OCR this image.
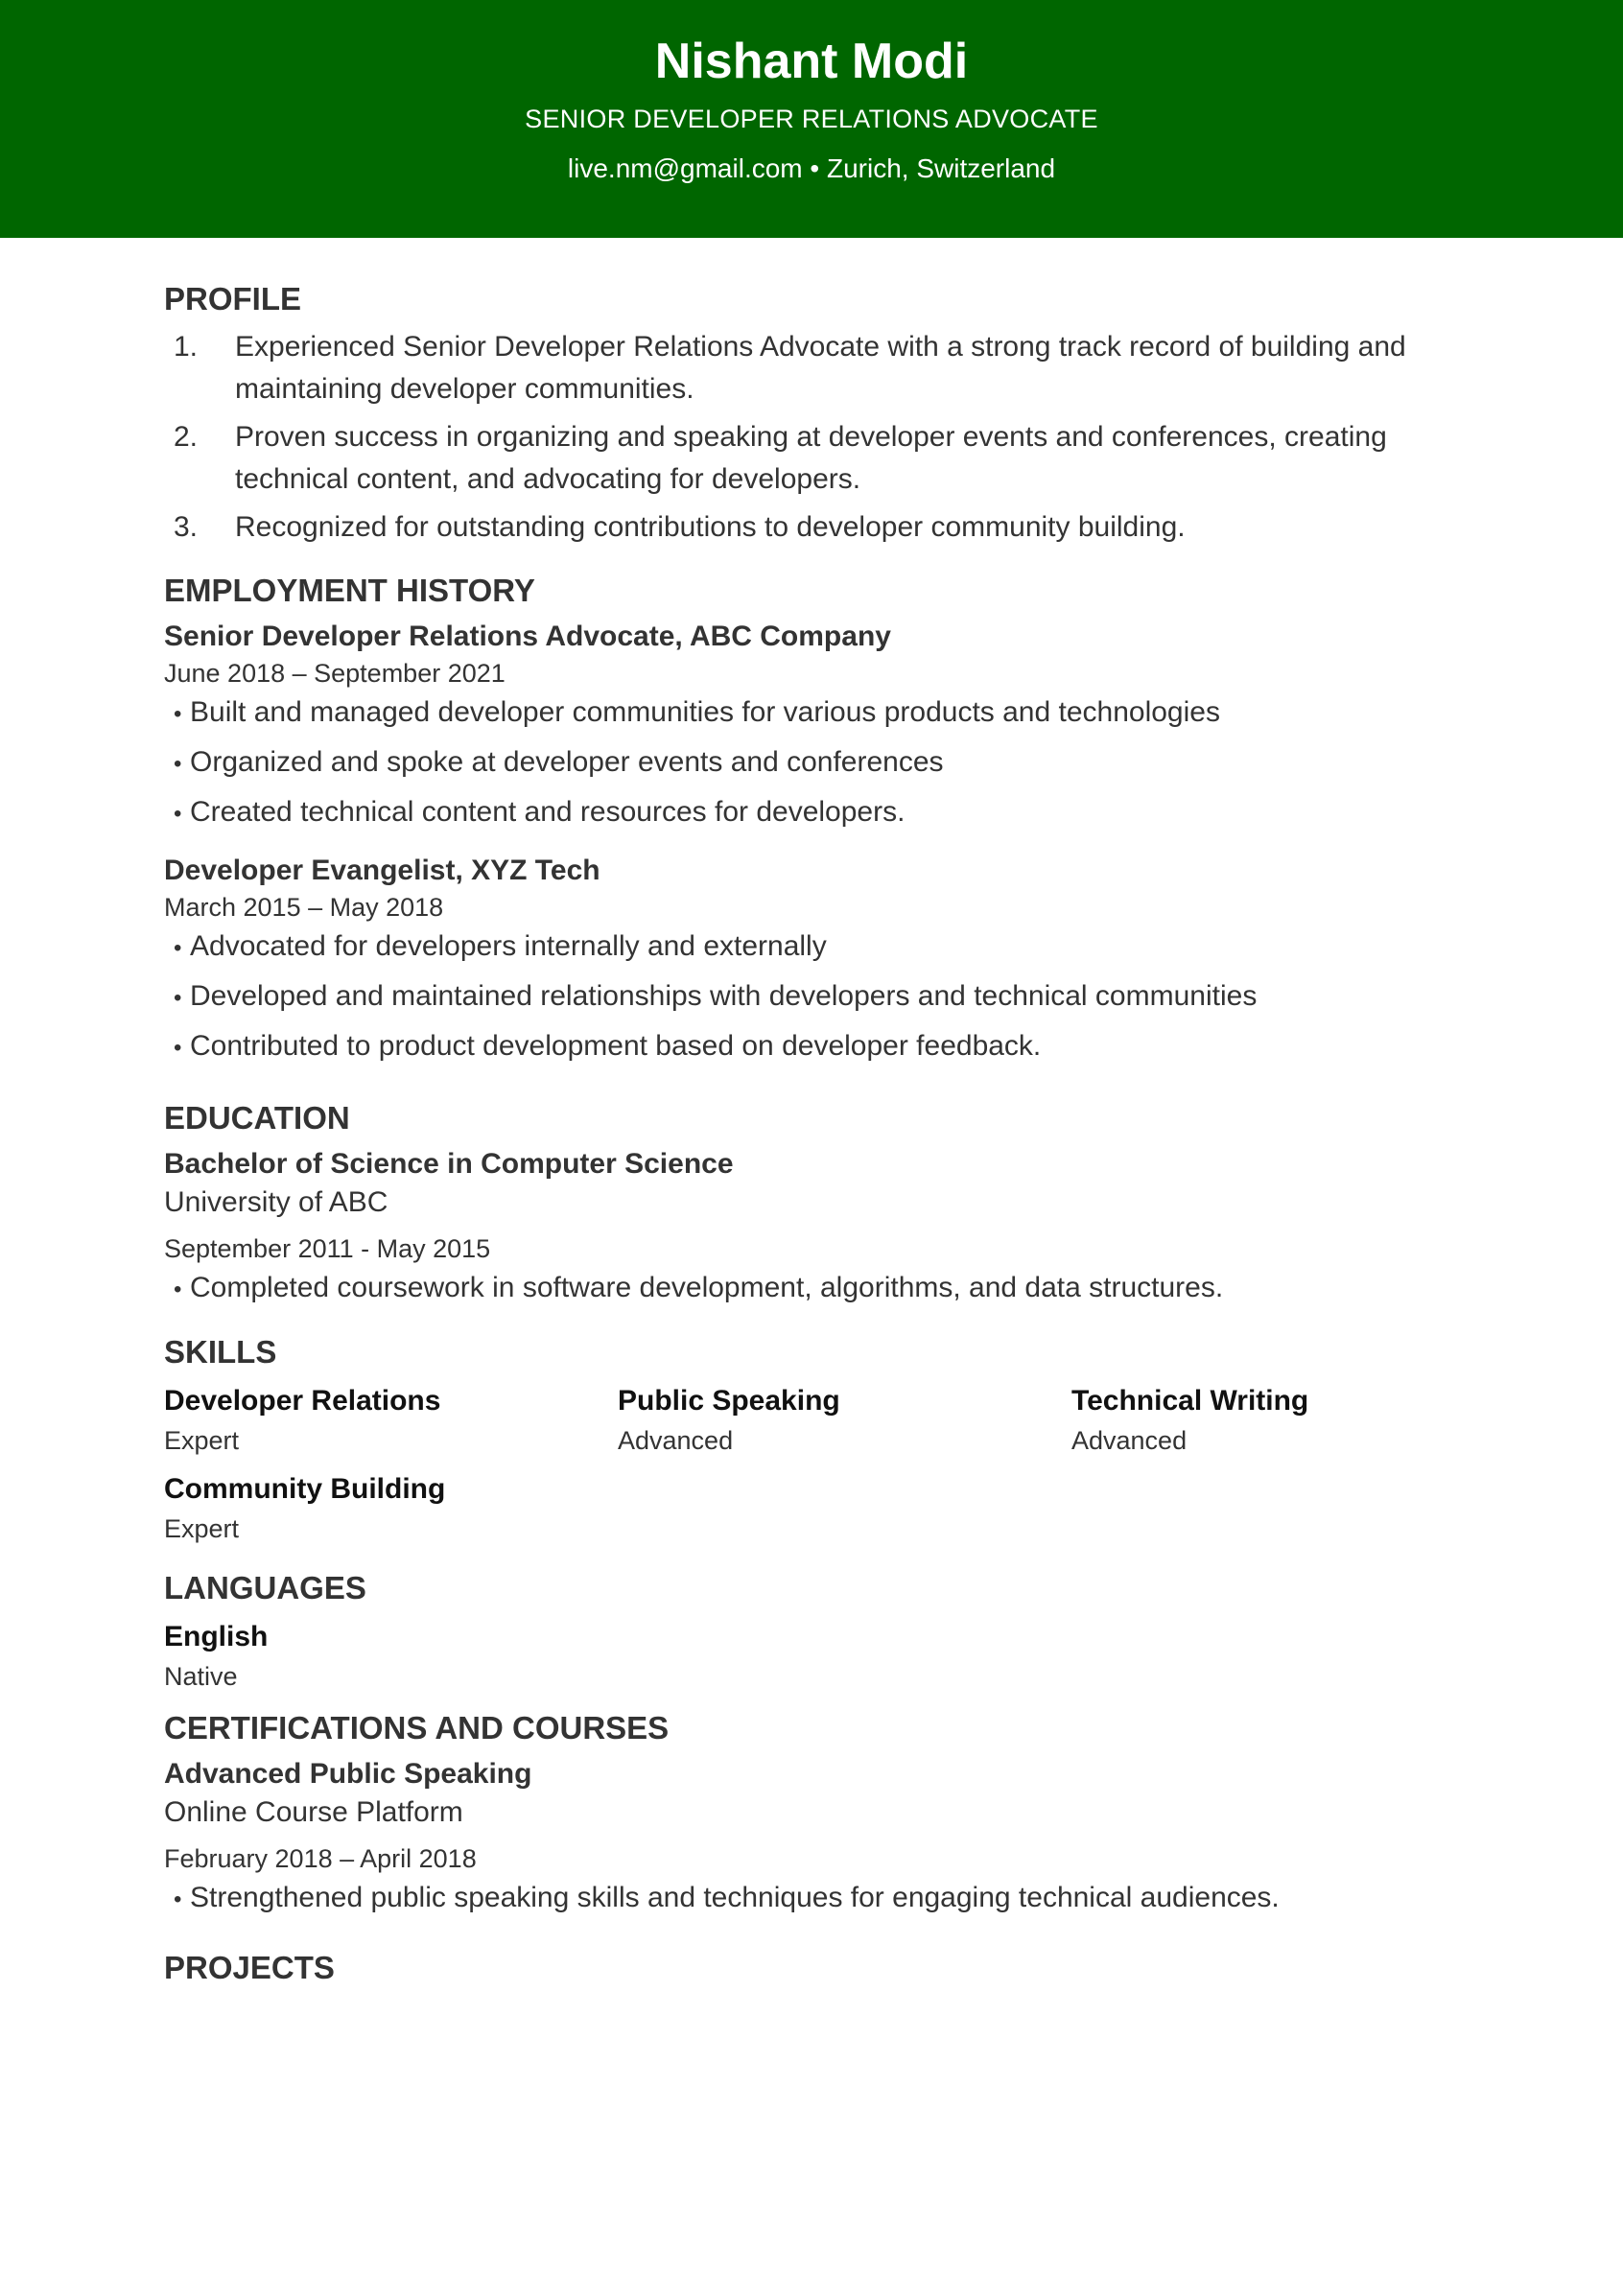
Nishant Modi
SENIOR DEVELOPER RELATIONS ADVOCATE
live.nm@gmail.com • Zurich, Switzerland
PROFILE
1. Experienced Senior Developer Relations Advocate with a strong track record of building and maintaining developer communities.
2. Proven success in organizing and speaking at developer events and conferences, creating technical content, and advocating for developers.
3. Recognized for outstanding contributions to developer community building.
EMPLOYMENT HISTORY
Senior Developer Relations Advocate, ABC Company
June 2018 – September 2021
• Built and managed developer communities for various products and technologies
• Organized and spoke at developer events and conferences
• Created technical content and resources for developers.
Developer Evangelist, XYZ Tech
March 2015 – May 2018
• Advocated for developers internally and externally
• Developed and maintained relationships with developers and technical communities
• Contributed to product development based on developer feedback.
EDUCATION
Bachelor of Science in Computer Science
University of ABC
September 2011 - May 2015
• Completed coursework in software development, algorithms, and data structures.
SKILLS
Developer Relations
Expert
Public Speaking
Advanced
Technical Writing
Advanced
Community Building
Expert
LANGUAGES
English
Native
CERTIFICATIONS AND COURSES
Advanced Public Speaking
Online Course Platform
February 2018 – April 2018
• Strengthened public speaking skills and techniques for engaging technical audiences.
PROJECTS
